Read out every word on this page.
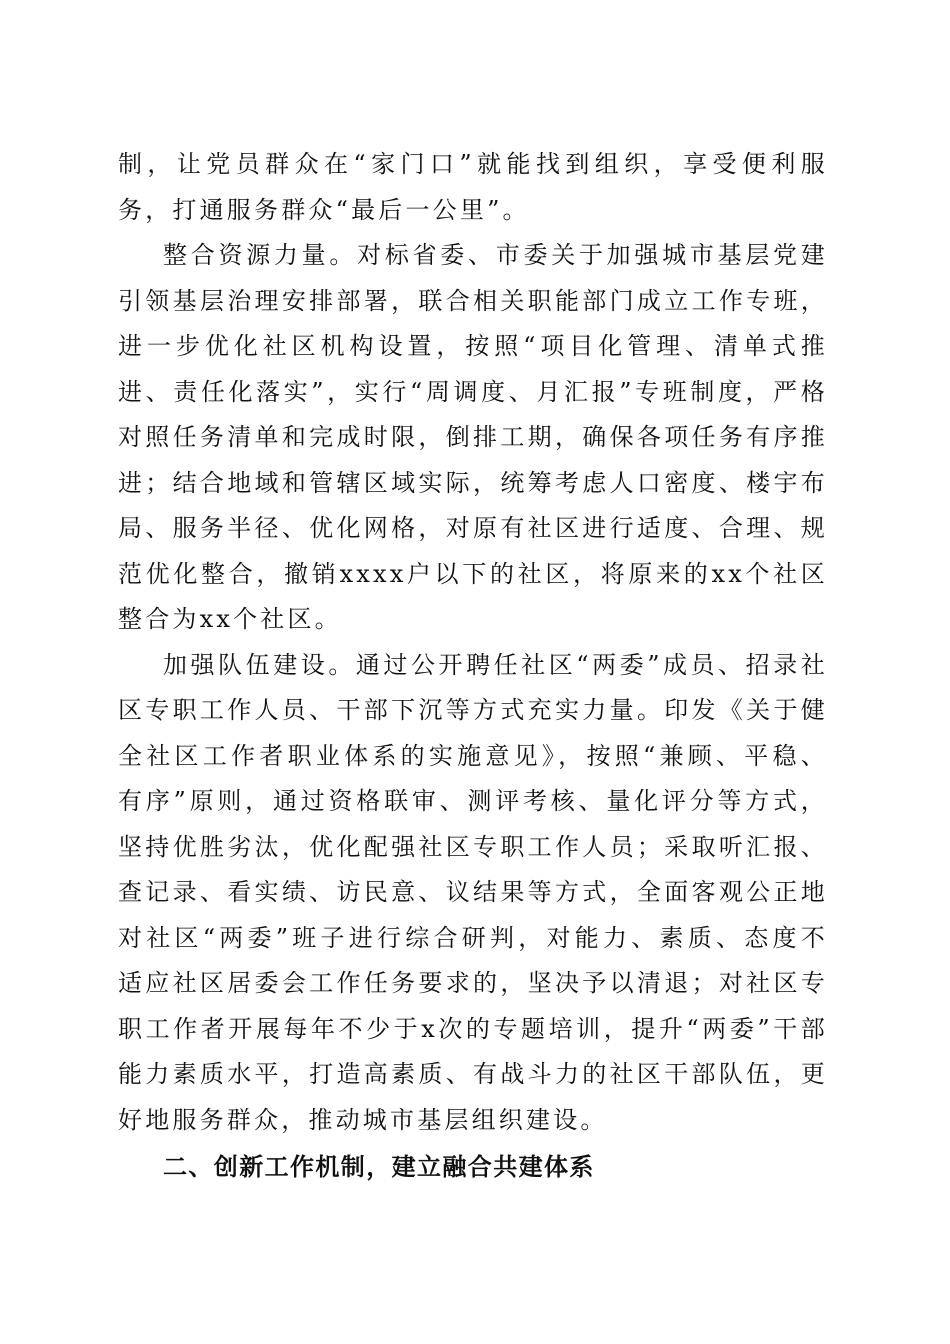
制，让党员群众在“家门口”就能找到组织，享受便利服务，打通服务群众“最后一公里”。

整合资源力量。对标省委、市委关于加强城市基层党建引领基层治理安排部署，联合相关职能部门成立工作专班，进一步优化社区机构设置，按照“项目化管理、清单式推进、责任化落实”，实行“周调度、月汇报”专班制度，严格对照任务清单和完成时限，倒排工期，确保各项任务有序推进；结合地域和管辖区域实际，统筹考虑人口密度、楼宇布局、服务半径、优化网格，对原有社区进行适度、合理、规范优化整合，撤销xxxx户以下的社区，将原来的xx个社区整合为xx个社区。

加强队伍建设。通过公开聘任社区“两委”成员、招录社区专职工作人员、干部下沉等方式充实力量。印发《关于健全社区工作者职业体系的实施意见》，按照“兼顾、平稳、有序”原则，通过资格联审、测评考核、量化评分等方式，坚持优胜劣汰，优化配强社区专职工作人员；采取听汇报、查记录、看实绩、访民意、议结果等方式，全面客观公正地对社区“两委”班子进行综合研判，对能力、素质、态度不适应社区居委会工作任务要求的，坚决予以清退；对社区专职工作者开展每年不少于x次的专题培训，提升“两委”干部能力素质水平，打造高素质、有战斗力的社区干部队伍，更好地服务群众，推动城市基层组织建设。

二、创新工作机制，建立融合共建体系
